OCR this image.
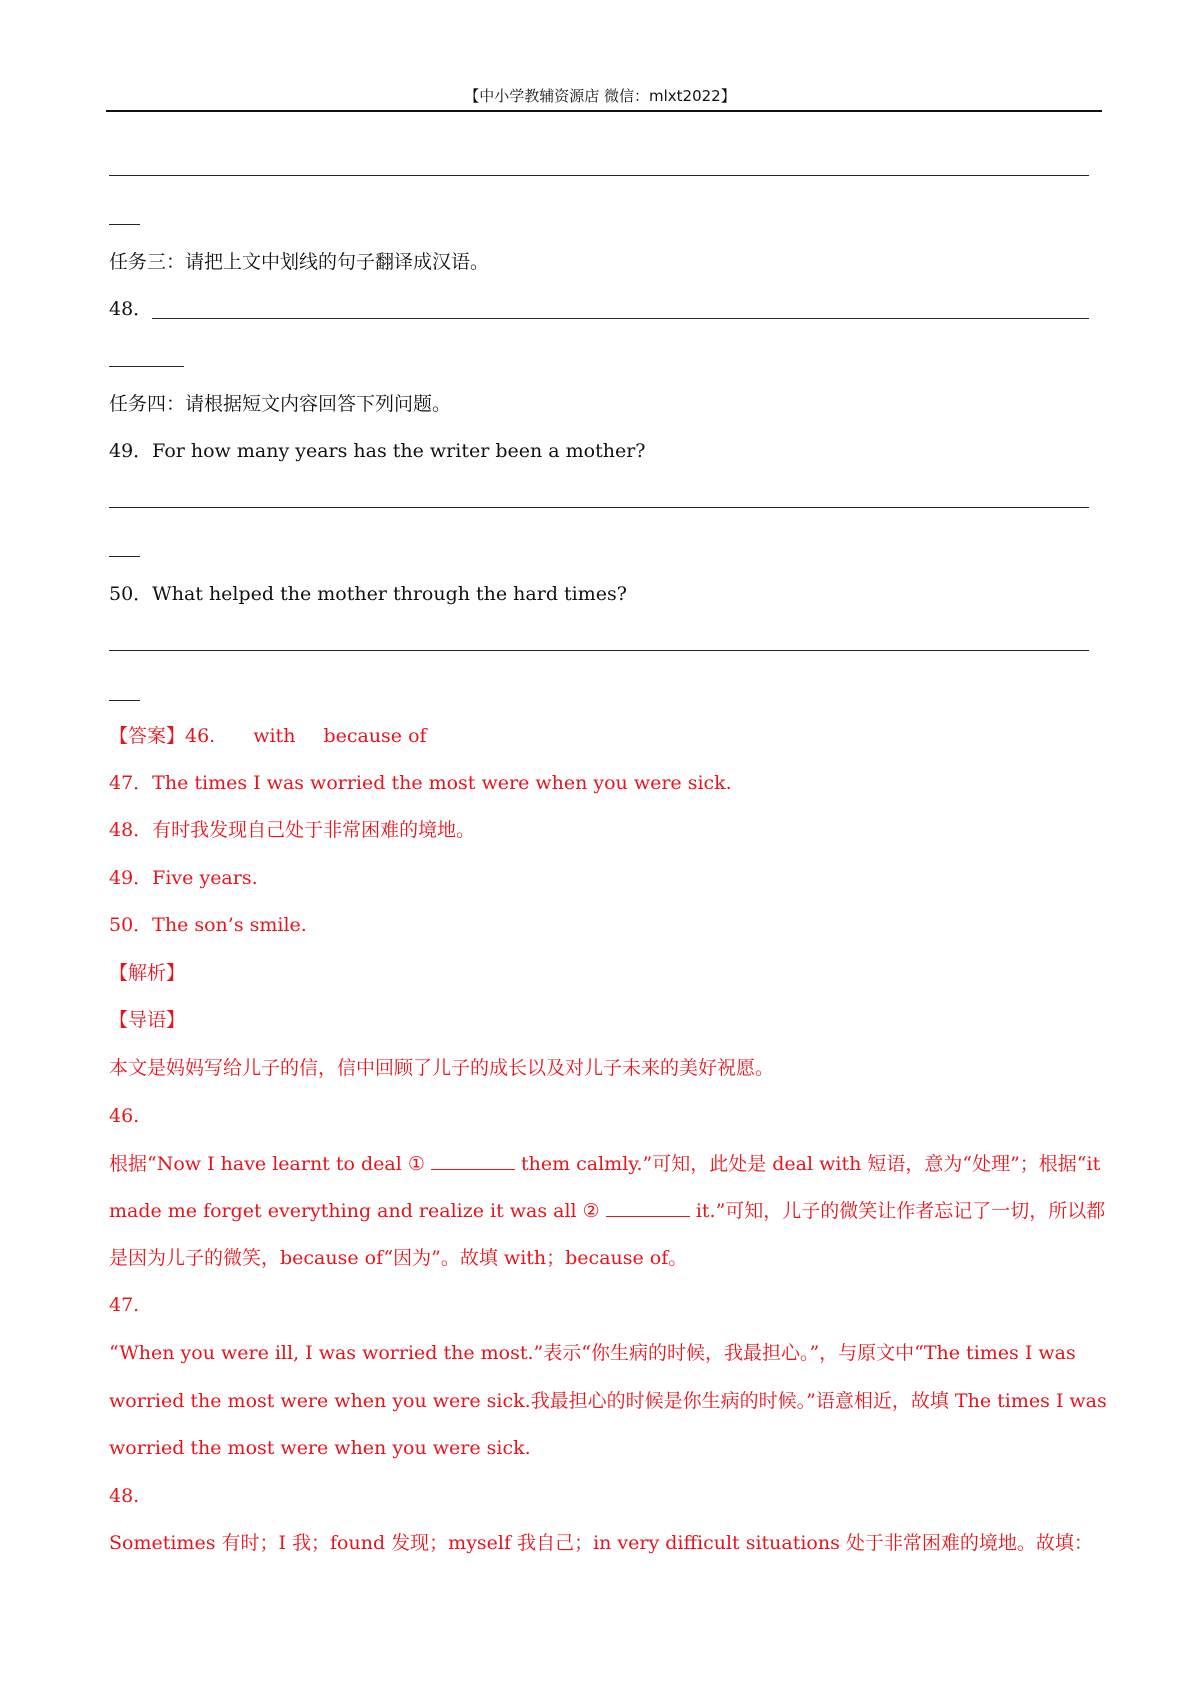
【中小学教辅资源店 微信：mlxt2022】
任务三：请把上文中划线的句子翻译成汉语。
48．
任务四：请根据短文内容回答下列问题。
49．For how many years has the writer been a mother?
50．What helped the mother through the hard times?
【答案】46. with because of
47．The times I was worried the most were when you were sick.
48．有时我发现自己处于非常困难的境地。
49．Five years.
50．The son’s smile.
【解析】
【导语】
本文是妈妈写给儿子的信，信中回顾了儿子的成长以及对儿子未来的美好祝愿。
46.
根据“Now I have learnt to deal ①	them calmly.”可知，此处是 deal with 短语，意为“处理”；根据“it
made me forget everything and realize it was all ②	it.”可知，儿子的微笑让作者忘记了一切，所以都
是因为儿子的微笑，because of“因为”。故填 with；because of。
47.
“When you were ill, I was worried the most.”表示“你生病的时候，我最担心。”，与原文中“The times I was
worried the most were when you were sick.我最担心的时候是你生病的时候。”语意相近，故填 The times I was
worried the most were when you were sick.
48.
Sometimes 有时；I 我；found 发现；myself 我自己；in very difficult situations 处于非常困难的境地。故填：
